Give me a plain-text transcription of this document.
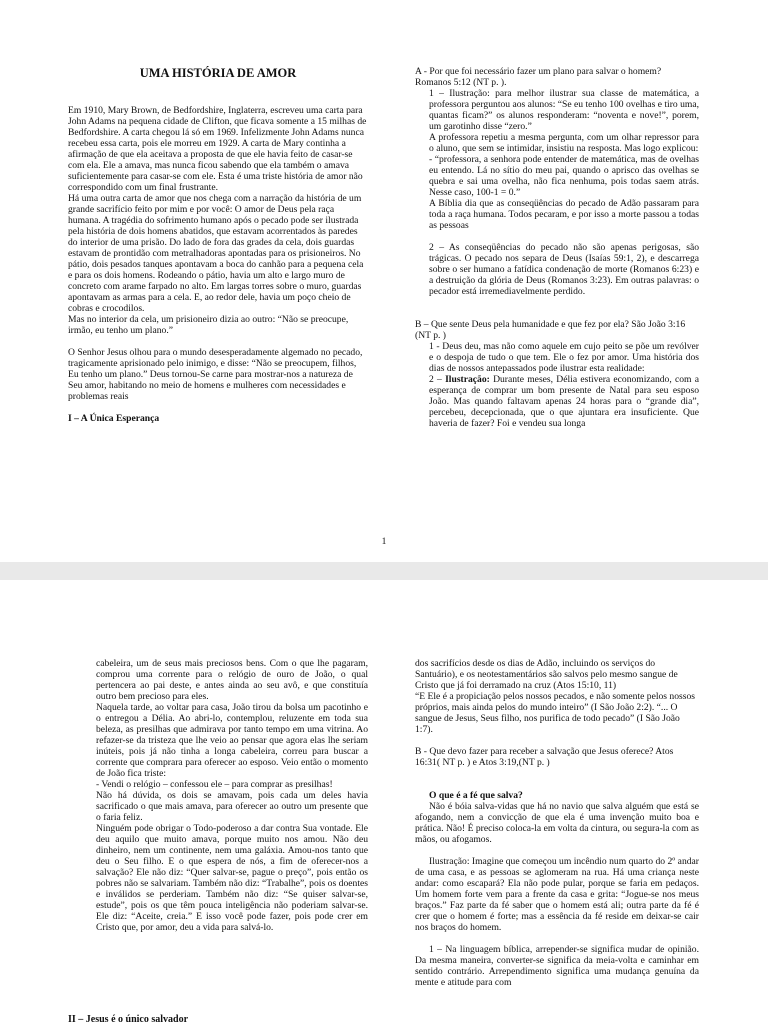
UMA HISTÓRIA DE AMOR

Em 1910, Mary Brown, de Bedfordshire, Inglaterra, escreveu uma carta para John Adams na pequena cidade de Clifton, que ficava somente a 15 milhas de Bedfordshire. A carta chegou lá só em 1969. Infelizmente John Adams nunca recebeu essa carta, pois ele morreu em 1929. A carta de Mary continha a afirmação de que ela aceitava a proposta de que ele havia feito de casar-se com ela. Ele a amava, mas nunca ficou sabendo que ela também o amava suficientemente para casar-se com ele. Esta é uma triste história de amor não correspondido com um final frustrante.

Há uma outra carta de amor que nos chega com a narração da história de um grande sacrifício feito por mim e por você: O amor de Deus pela raça humana. A tragédia do sofrimento humano após o pecado pode ser ilustrada pela história de dois homens abatidos, que estavam acorrentados às paredes do interior de uma prisão. Do lado de fora das grades da cela, dois guardas estavam de prontidão com metralhadoras apontadas para os prisioneiros. No pátio, dois pesados tanques apontavam a boca do canhão para a pequena cela e para os dois homens. Rodeando o pátio, havia um alto e largo muro de concreto com arame farpado no alto. Em largas torres sobre o muro, guardas apontavam as armas para a cela. E, ao redor dele, havia um poço cheio de cobras e crocodilos.

Mas no interior da cela, um prisioneiro dizia ao outro: “Não se preocupe, irmão, eu tenho um plano.”

O Senhor Jesus olhou para o mundo desesperadamente algemado no pecado, tragicamente aprisionado pelo inimigo, e disse: “Não se preocupem, filhos, Eu tenho um plano.” Deus tornou-Se carne para mostrar-nos a natureza de Seu amor, habitando no meio de homens e mulheres com necessidades e problemas reais

I – A Única Esperança

A - Por que foi necessário fazer um plano para salvar o homem? Romanos 5:12 (NT p. ).

1 – Ilustração: para melhor ilustrar sua classe de matemática, a professora perguntou aos alunos: “Se eu tenho 100 ovelhas e tiro uma, quantas ficam?” os alunos responderam: “noventa e nove!”, porem, um garotinho disse “zero.”

A professora repetiu a mesma pergunta, com um olhar repressor para o aluno, que sem se intimidar, insistiu na resposta. Mas logo explicou:

- “professora, a senhora pode entender de matemática, mas de ovelhas eu entendo. Lá no sítio do meu pai, quando o aprisco das ovelhas se quebra e sai uma ovelha, não fica nenhuma, pois todas saem atrás. Nesse caso, 100-1 = 0.”

A Bíblia dia que as conseqüências do pecado de Adão passaram para toda a raça humana. Todos pecaram, e por isso a morte passou a todas as pessoas

2 – As conseqüências do pecado não são apenas perigosas, são trágicas. O pecado nos separa de Deus (Isaías 59:1, 2), e descarrega sobre o ser humano a fatídica condenação de morte (Romanos 6:23) e a destruição da glória de Deus (Romanos 3:23). Em outras palavras: o pecador está irremediavelmente perdido.

B – Que sente Deus pela humanidade e que fez por ela? São João 3:16 (NT p. )

1 - Deus deu, mas não como aquele em cujo peito se põe um revólver e o despoja de tudo o que tem. Ele o fez por amor. Uma história dos dias de nossos antepassados pode ilustrar esta realidade:

2 – Ilustração: Durante meses, Délia estivera economizando, com a esperança de comprar um bom presente de Natal para seu esposo João. Mas quando faltavam apenas 24 horas para o “grande dia”, percebeu, decepcionada, que o que ajuntara era insuficiente. Que haveria de fazer? Foi e vendeu sua longa

1

cabeleira, um de seus mais preciosos bens. Com o que lhe pagaram, comprou uma corrente para o relógio de ouro de João, o qual pertencera ao pai deste, e antes ainda ao seu avô, e que constituía outro bem precioso para eles.

Naquela tarde, ao voltar para casa, João tirou da bolsa um pacotinho e o entregou a Délia. Ao abri-lo, contemplou, reluzente em toda sua beleza, as presilhas que admirava por tanto tempo em uma vitrina. Ao refazer-se da tristeza que lhe veio ao pensar que agora elas lhe seriam inúteis, pois já não tinha a longa cabeleira, correu para buscar a corrente que comprara para oferecer ao esposo. Veio então o momento de João fica triste:

- Vendi o relógio – confessou ele – para comprar as presilhas!

Não há dúvida, os dois se amavam, pois cada um deles havia sacrificado o que mais amava, para oferecer ao outro um presente que o faria feliz.

Ninguém pode obrigar o Todo-poderoso a dar contra Sua vontade. Ele deu aquilo que muito amava, porque muito nos amou. Não deu dinheiro, nem um continente, nem uma galáxia. Amou-nos tanto que deu o Seu filho. E o que espera de nós, a fim de oferecer-nos a salvação? Ele não diz: “Quer salvar-se, pague o preço”, pois então os pobres não se salvariam. Também não diz: “Trabalhe”, pois os doentes e inválidos se perderiam. Também não diz: “Se quiser salvar-se, estude”, pois os que têm pouca inteligência não poderiam salvar-se. Ele diz: “Aceite, creia.” E isso você pode fazer, pois pode crer em Cristo que, por amor, deu a vida para salvá-lo.

II – Jesus é o único salvador

dos sacrifícios desde os dias de Adão, incluindo os serviços do Santuário), e os neotestamentários são salvos pelo mesmo sangue de Cristo que já foi derramado na cruz (Atos 15:10, 11)

“E Ele é a propiciação pelos nossos pecados, e não somente pelos nossos próprios, mais ainda pelos do mundo inteiro” (I São João 2:2). “... O sangue de Jesus, Seus filho, nos purifica de todo pecado” (I São João 1:7).

B - Que devo fazer para receber a salvação que Jesus oferece? Atos 16:31( NT p. ) e Atos 3:19,(NT p. )

O que é a fé que salva?

Não é bóia salva-vidas que há no navio que salva alguém que está se afogando, nem a convicção de que ela é uma invenção muito boa e prática. Não! É preciso coloca-la em volta da cintura, ou segura-la com as mãos, ou afogamos.

Ilustração: Imagine que começou um incêndio num quarto do 2º andar de uma casa, e as pessoas se aglomeram na rua. Há uma criança neste andar: como escapará? Ela não pode pular, porque se faria em pedaços. Um homem forte vem para a frente da casa e grita: “Jogue-se nos meus braços.” Faz parte da fé saber que o homem está ali; outra parte da fé é crer que o homem é forte; mas a essência da fé reside em deixar-se cair nos braços do homem.

1 – Na linguagem bíblica, arrepender-se significa mudar de opinião. Da mesma maneira, converter-se significa da meia-volta e caminhar em sentido contrário. Arrependimento significa uma mudança genuína da mente e atitude para com
